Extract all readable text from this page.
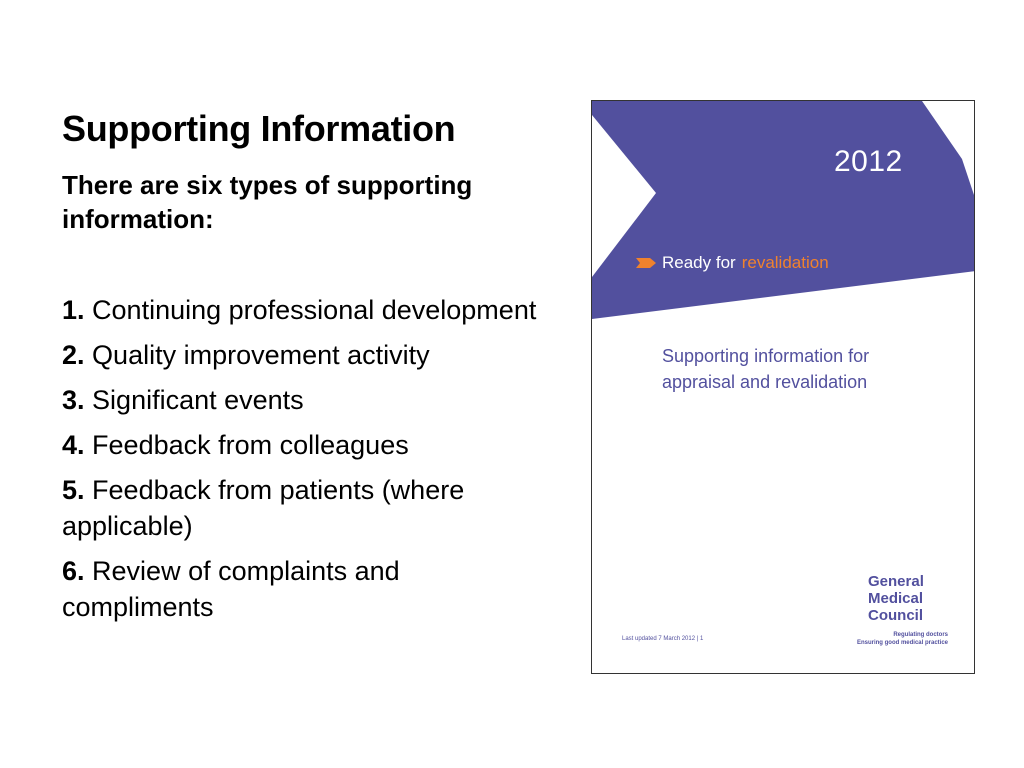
Supporting Information
There are six types of supporting information:
1. Continuing professional development
2. Quality improvement activity
3. Significant events
4. Feedback from colleagues
5. Feedback from patients (where applicable)
6. Review of complaints and compliments
2012
Ready for revalidation
Supporting information for appraisal and revalidation
General
Medical
Council
Regulating doctors
Ensuring good medical practice
Last updated 7 March 2012 | 1
